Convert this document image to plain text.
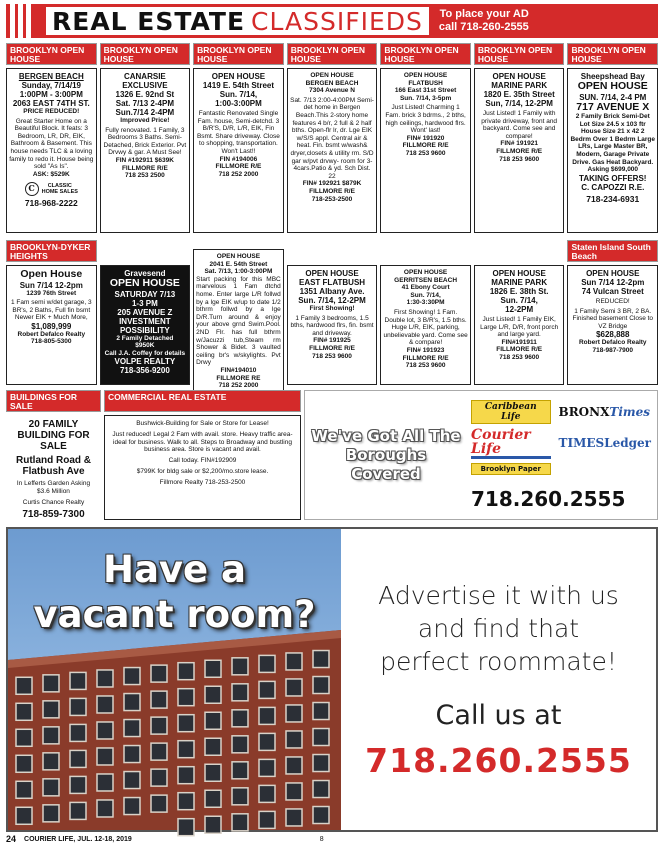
REAL ESTATE CLASSIFIEDS To place your AD
call 718-260-2555
BROOKLYN OPEN HOUSE
BERGEN BEACH
Sunday, 7/14/19
1:00PM - 3:00PM
2063 EAST 74TH ST.
PRICE REDUCED!
Great Starter Home on a Beautiful Block. It feats: 3 Bedroom, LR, DR, EIK, Bathroom & Basement. This house needs TLC & a loving family to redo it. House being sold "As Is".
ASK: $529K
C	CLASSIC
HOME SALES
718-968-2222
BROOKLYN OPEN HOUSE
CANARSIE
EXCLUSIVE
1326 E. 92nd St
Sat. 7/13 2-4PM
Sun.7/14 2-4PM
Improved Price!
Fully renovated. 1 Family, 3 Bedrooms 3 Baths. Semi-Detached, Brick Exterior. Pvt Drvwy & gar. A Must See!
FIN #192911 $639K
FILLMORE R/E
718 253 2500
BROOKLYN OPEN HOUSE
OPEN HOUSE
1419 E. 54th Street
Sun. 7/14,
1:00-3:00PM
Fantastic Renovated Single Fam. house, Semi-detchd. 3 B/R'S, D/R, L/R, EIK, Fin Bsmt. Share driveway. Close to shopping, transportation. Won't Last!!
FIN #194006
FILLMORE R/E
718 252 2000
BROOKLYN OPEN HOUSE
OPEN HOUSE
BERGEN BEACH
7304 Avenue N
Sat. 7/13 2:00-4:00PM Semi-det home in Bergen Beach.This 2-story home features 4 b/r, 2 full & 2 half bths. Open-flr lr, dr. Lge EIK w/S/S appl. Central air & heat. Fin. bsmt w/wash& dryer,closets & utility rm. S/D gar w/pvt drvwy- room for 3-4cars.Patio & yd. Sch Dist. 22
FIN# 192921 $879K
FILLMORE R/E
718-253-2500
BROOKLYN OPEN HOUSE
OPEN HOUSE
FLATBUSH
166 East 31st Street
Sun. 7/14, 3-5pm
Just Listed! Charming 1 Fam. brick 3 bdrms., 2 bths, high ceilings, hardwood flrs. Wont' last!
FIN# 191920
FILLMORE R/E
718 253 9600
BROOKLYN OPEN HOUSE
OPEN HOUSE
MARINE PARK
1820 E. 35th Street
Sun, 7/14, 12-2PM
Just Listed! 1 Family with private driveway, front and backyard. Come see and compare!
FIN# 191921
FILLMORE R/E
718 253 9600
BROOKLYN OPEN HOUSE
Sheepshead Bay
OPEN HOUSE
SUN. 7/14, 2-4 PM
717 AVENUE X
2 Family Brick Semi-Det Lot Size 24.5 x 103 ftr House Size 21 x 42 2 Bedrm Over 1 Bedrm Large LRs, Large Master BR, Modern, Garage Private Drive. Gas Heat Backyard. Asking $699,000
TAKING OFFERS!
C. CAPOZZI R.E.
718-234-6931
BROOKLYN-DYKER HEIGHTS
Open House
Sun 7/14 12-2pm
1239 76th Street
1 Fam semi w/det garage, 3 BR's, 2 Baths, Full fin bsmt Newer EIK + Much More,
$1,089,999
Robert Defalco Realty
718-805-5300
Gravesend
OPEN HOUSE
SATURDAY 7/13
1-3 PM
205 AVENUE Z
INVESTMENT POSSIBILITY
2 Family Detached
$950K
Call J.A. Coffey for details
VOLPE REALTY
718-356-9200
OPEN HOUSE
2041 E. 54th Street
Sat. 7/13, 1:00-3:00PM
Start packing for this MBC marvelous 1 Fam dtchd home. Enter large L/R follwd by a lge EIK w/up to date 1/2 bthrm follwd by a lge D/R.Turn around & enjoy your above grnd Swim.Pool. 2ND Flr. has full bthrm w/Jacuzzi tub,Steam rm Shower & Bidet. 3 vaulted ceiling br's w/skylights. Pvt Drwy
FIN#194010
FILLMORE RE
718 252 2000
OPEN HOUSE
EAST FLATBUSH
1351 Albany Ave.
Sun. 7/14, 12-2PM
First Showing!
1 Family 3 bedrooms, 1.5 bths, hardwood flrs, fin. bsmt and driveway.
FIN# 191925
FILLMORE R/E
718 253 9600
OPEN HOUSE
GERRITSEN BEACH
41 Ebony Court
Sun. 7/14,
1:30-3:30PM
First Showing! 1 Fam. Double lot, 3 B/R's, 1.5 bths. Huge L/R, EIK, parking, unbelievable yard. Come see & compare!
FIN# 191923
FILLMORE R/E
718 253 9600
OPEN HOUSE
MARINE PARK
1826 E. 38th St.
Sun. 7/14,
12-2PM
Just Listed! 1 Family EIK, Large L/R, D/R, front porch and large yard.
FIN#191911
FILLMORE R/E
718 253 9600
Staten Island South Beach
OPEN HOUSE
Sun 7/14 12-2pm
74 Vulcan Street
REDUCED!
1 Family Semi 3 BR, 2 BA. Finished basement Close to VZ Bridge
$628,888
Robert Defalco Realty
718-987-7900
BUILDINGS FOR SALE
20 FAMILY BUILDING FOR SALE
Rutland Road & Flatbush Ave
In Lefferts Garden Asking $3.6 Million
Curtis Chance Realty
718-859-7300
COMMERCIAL REAL ESTATE
Bushwick-Building for Sale or Store for Lease!
Just reduced! Legal 2 Fam with avail. store. Heavy traffic area- ideal for business. Walk to all. Steps to Broadway and bustling business area. Store is vacant and avail.
Call today. FIN#192909
$799K for bldg sale or $2,200/mo.store lease.
Fillmore Realty 718-253-2500
We've Got All The Boroughs Covered
Caribbean Life	BRONXTimes
Courier Life	TIMESLedger
Brooklyn Paper
718.260.2555
Have a
vacant room?	Advertise it with us
and find that
perfect roommate!
Call us at
718.260.2555
24 COURIER LIFE, JUL. 12-18, 2019	8
